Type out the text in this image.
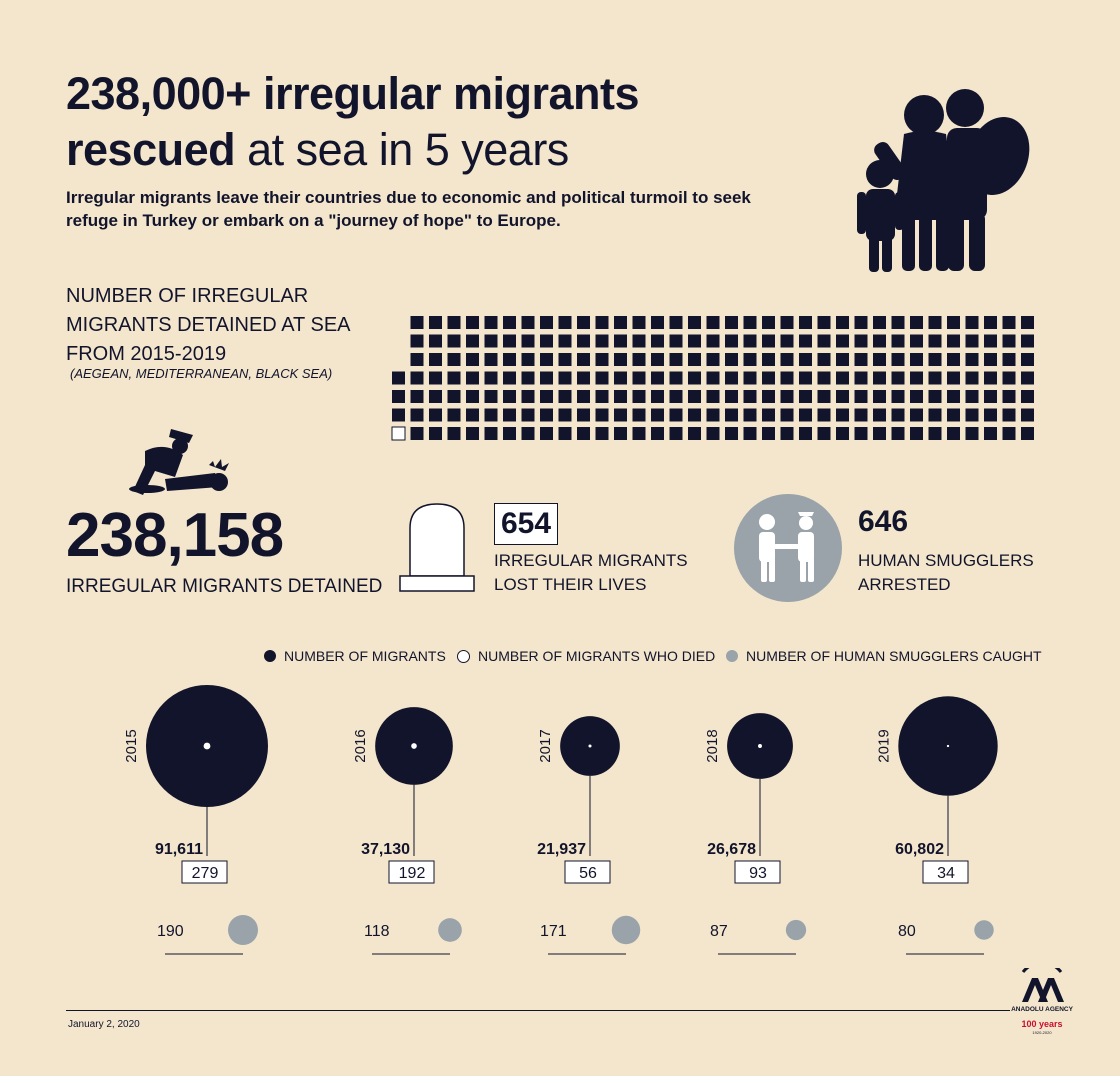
238,000+ irregular migrants
rescued at sea in 5 years

Irregular migrants leave their countries due to economic and political turmoil to seek refuge in Turkey or embark on a "journey of hope" to Europe.

NUMBER OF IRREGULAR MIGRANTS DETAINED AT SEA FROM 2015-2019
(AEGEAN, MEDITERRANEAN, BLACK SEA)
238,158
IRREGULAR MIGRANTS DETAINED
654
IRREGULAR MIGRANTS
LOST THEIR LIVES
646
HUMAN SMUGGLERS
ARRESTED
NUMBER OF MIGRANTS NUMBER OF MIGRANTS WHO DIED NUMBER OF HUMAN SMUGGLERS CAUGHT
2015
91,611
279
190
2016
37,130
192
118
2017
21,937
56
171
2018
26,678
93
87
2019
60,802
34
80
January 2, 2020
ANADOLU AGENCY
100 years
1920-2020
